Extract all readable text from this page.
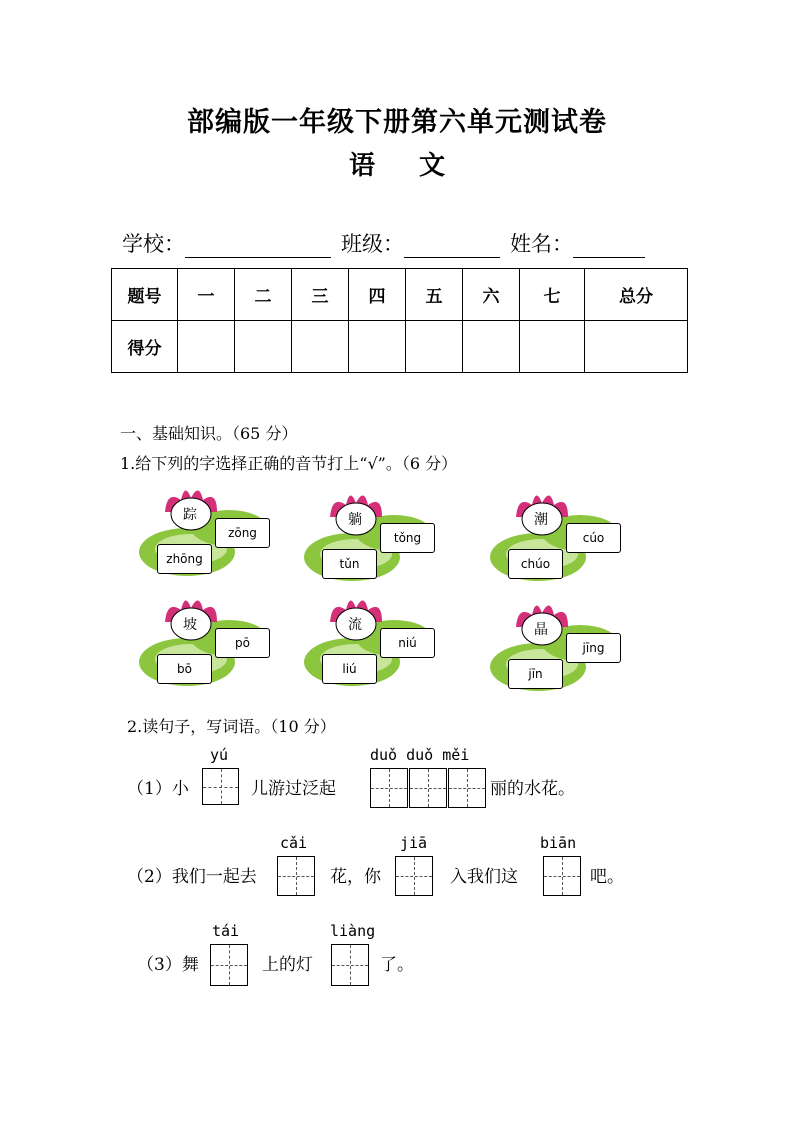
部编版一年级下册第六单元测试卷
语 文
学校：	班级：	姓名：
题号	一	二	三	四	五	六	七	总分
得分								
一、基础知识。（65 分）
1.给下列的字选择正确的音节打上“√”。（6 分）
踪
zōng
zhōng
躺
tǒng
tǔn
潮
cúo
chúo
坡
pō
bō
流
niú
liú
晶
jīng
jīn
2.读句子，写词语。（10 分）
（1）小
yú
儿游过泛起
duǒ duǒ měi
丽的水花。
（2）我们一起去
cǎi
花，你
jiā
入我们这
biān
吧。
（3）舞
tái
上的灯
liàng
了。
